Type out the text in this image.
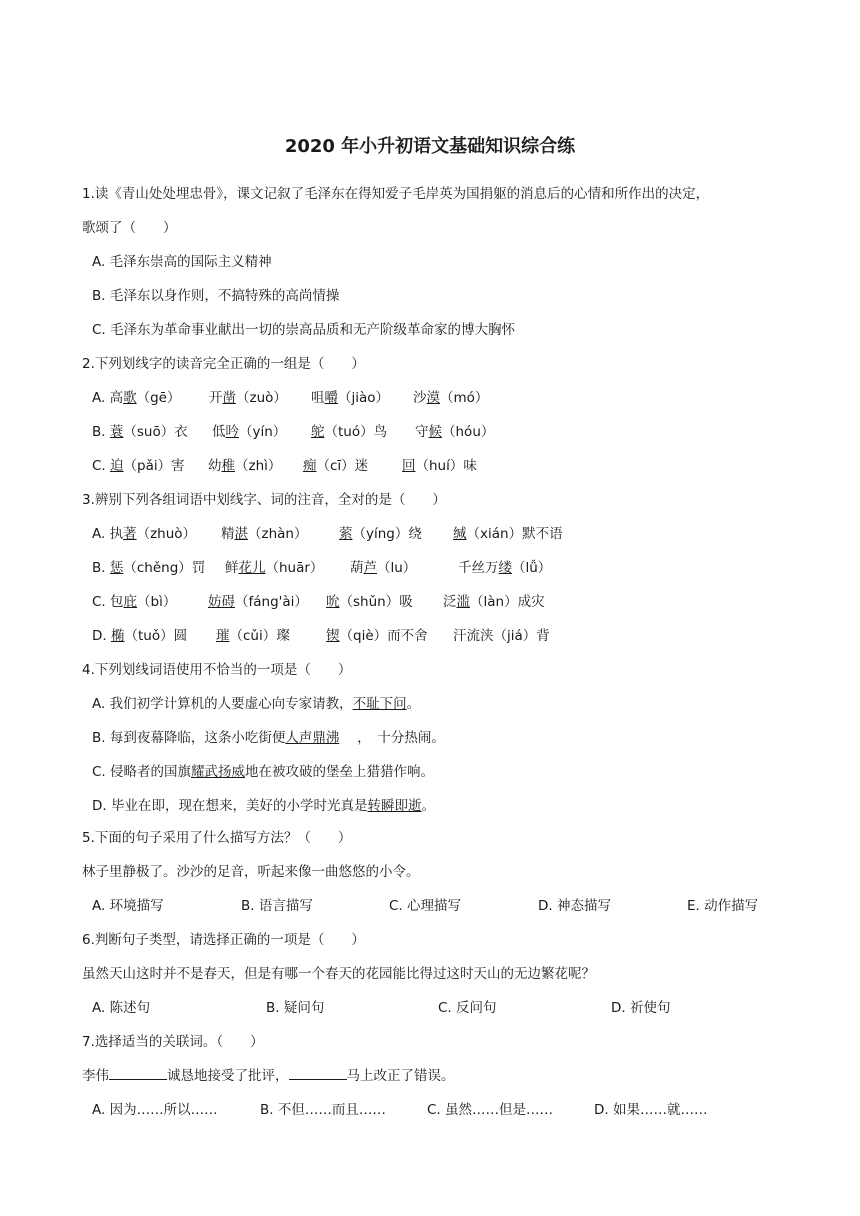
2020 年小升初语文基础知识综合练
1.读《青山处处埋忠骨》，课文记叙了毛泽东在得知爱子毛岸英为国捐躯的消息后的心情和所作出的决定，
歌颂了（　　）
A. 毛泽东崇高的国际主义精神
B. 毛泽东以身作则，不搞特殊的高尚情操
C. 毛泽东为革命事业献出一切的崇高品质和无产阶级革命家的博大胸怀
2.下列划线字的读音完全正确的一组是（　　）
A. 高歌（gē） 开凿（zuò） 咀嚼（jiào） 沙漠（mó）
B. 蓑（suō）衣 低吟（yín） 鸵（tuó）鸟 守候（hóu）
C. 迫（pǎi）害 幼稚（zhì） 痴（cī）迷	回（huí）味
3.辨别下列各组词语中划线字、词的注音，全对的是（　　）
A. 执著（zhuò） 精湛（zhàn） 萦（yíng）绕 缄（xián）默不语
B. 惩（chěng）罚 鲜花儿（huār） 葫芦（lu）	千丝万缕（lǚ）
C. 包庇（bì） 妨碍（fáng'ài） 吮（shǔn）吸 泛滥（làn）成灾
D. 椭（tuǒ）圆 璀（cǔi）璨	锲（qiè）而不舍 汗流浃（jiá）背
4.下列划线词语使用不恰当的一项是（　　）
A. 我们初学计算机的人要虚心向专家请教，不耻下问。
B. 每到夜幕降临，这条小吃街便人声鼎沸　 ，　十分热闹。
C. 侵略者的国旗耀武扬威地在被攻破的堡垒上猎猎作响。
D. 毕业在即，现在想来，美好的小学时光真是转瞬即逝。
5.下面的句子采用了什么描写方法？（　　）
林子里静极了。沙沙的足音，听起来像一曲悠悠的小令。
A. 环境描写	B. 语言描写	C. 心理描写	D. 神态描写	E. 动作描写
6.判断句子类型，请选择正确的一项是（　　）
虽然天山这时并不是春天，但是有哪一个春天的花园能比得过这时天山的无边繁花呢？
A. 陈述句	B. 疑问句	C. 反问句	D. 祈使句
7.选择适当的关联词。（　　）
李伟	诚恳地接受了批评，	马上改正了错误。
A. 因为……所以……	B. 不但……而且……	C. 虽然……但是……	D. 如果……就……
